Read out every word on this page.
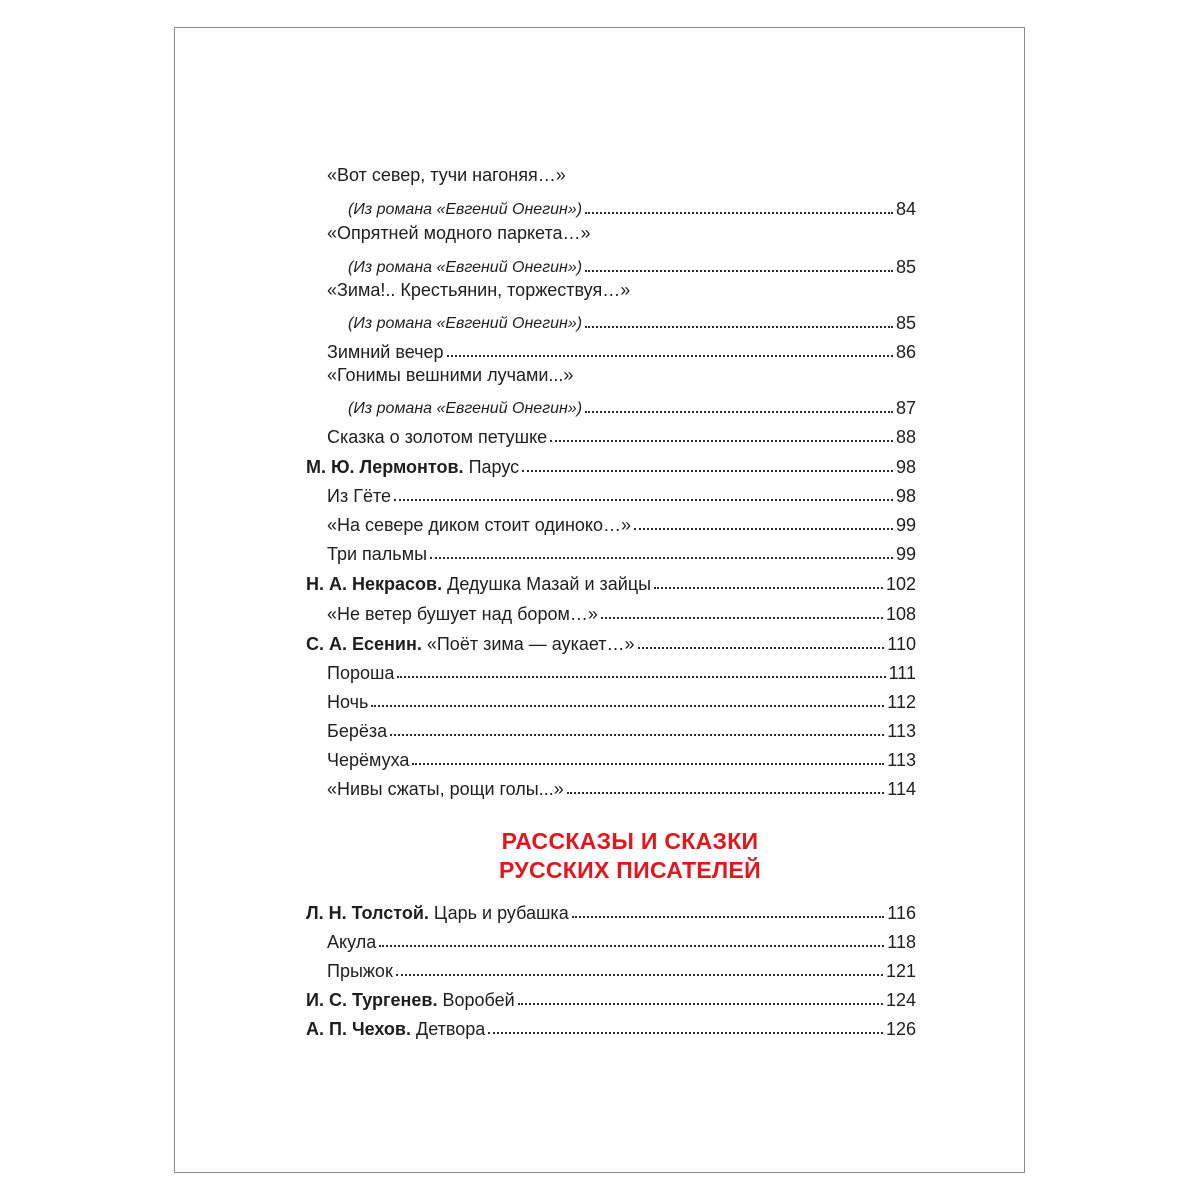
«Вот север, тучи нагоняя…»
(Из романа «Евгений Онегин»)	84
«Опрятней модного паркета…»
(Из романа «Евгений Онегин»)	85
«Зима!.. Крестьянин, торжествуя…»
(Из романа «Евгений Онегин»)	85
Зимний вечер	86
«Гонимы вешними лучами...»
(Из романа «Евгений Онегин»)	87
Сказка о золотом петушке	88
М. Ю. Лермонтов. Парус	98
Из Гёте	98
«На севере диком стоит одиноко…»	99
Три пальмы	99
Н. А. Некрасов. Дедушка Мазай и зайцы	102
«Не ветер бушует над бором…»	108
С. А. Есенин. «Поёт зима — аукает…»	110
Пороша	111
Ночь	112
Берёза	113
Черёмуха	113
«Нивы сжаты, рощи голы...»	114
РАССКАЗЫ И СКАЗКИ
РУССКИХ ПИСАТЕЛЕЙ
Л. Н. Толстой. Царь и рубашка	116
Акула	118
Прыжок	121
И. С. Тургенев. Воробей	124
А. П. Чехов. Детвора	126
